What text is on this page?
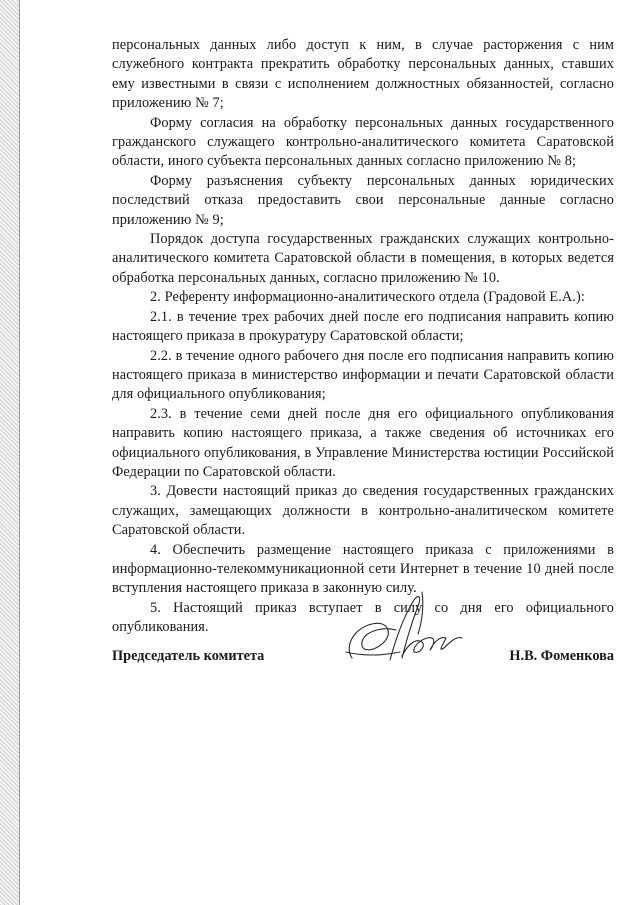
персональных данных либо доступ к ним, в случае расторжения с ним служебного контракта прекратить обработку персональных данных, ставших ему известными в связи с исполнением должностных обязанностей, согласно приложению № 7;

Форму согласия на обработку персональных данных государственного гражданского служащего контрольно-аналитического комитета Саратовской области, иного субъекта персональных данных согласно приложению № 8;

Форму разъяснения субъекту персональных данных юридических последствий отказа предоставить свои персональные данные согласно приложению № 9;

Порядок доступа государственных гражданских служащих контрольно-аналитического комитета Саратовской области в помещения, в которых ведется обработка персональных данных, согласно приложению № 10.

2. Референту информационно-аналитического отдела (Градовой Е.А.):

2.1. в течение трех рабочих дней после его подписания направить копию настоящего приказа в прокуратуру Саратовской области;

2.2. в течение одного рабочего дня после его подписания направить копию настоящего приказа в министерство информации и печати Саратовской области для официального опубликования;

2.3. в течение семи дней после дня его официального опубликования направить копию настоящего приказа, а также сведения об источниках его официального опубликования, в Управление Министерства юстиции Российской Федерации по Саратовской области.

3. Довести настоящий приказ до сведения государственных гражданских служащих, замещающих должности в контрольно-аналитическом комитете Саратовской области.

4. Обеспечить размещение настоящего приказа с приложениями в информационно-телекоммуникационной сети Интернет в течение 10 дней после вступления настоящего приказа в законную силу.

5. Настоящий приказ вступает в силу со дня его официального опубликования.

Председатель комитета	Н.В. Фоменкова
